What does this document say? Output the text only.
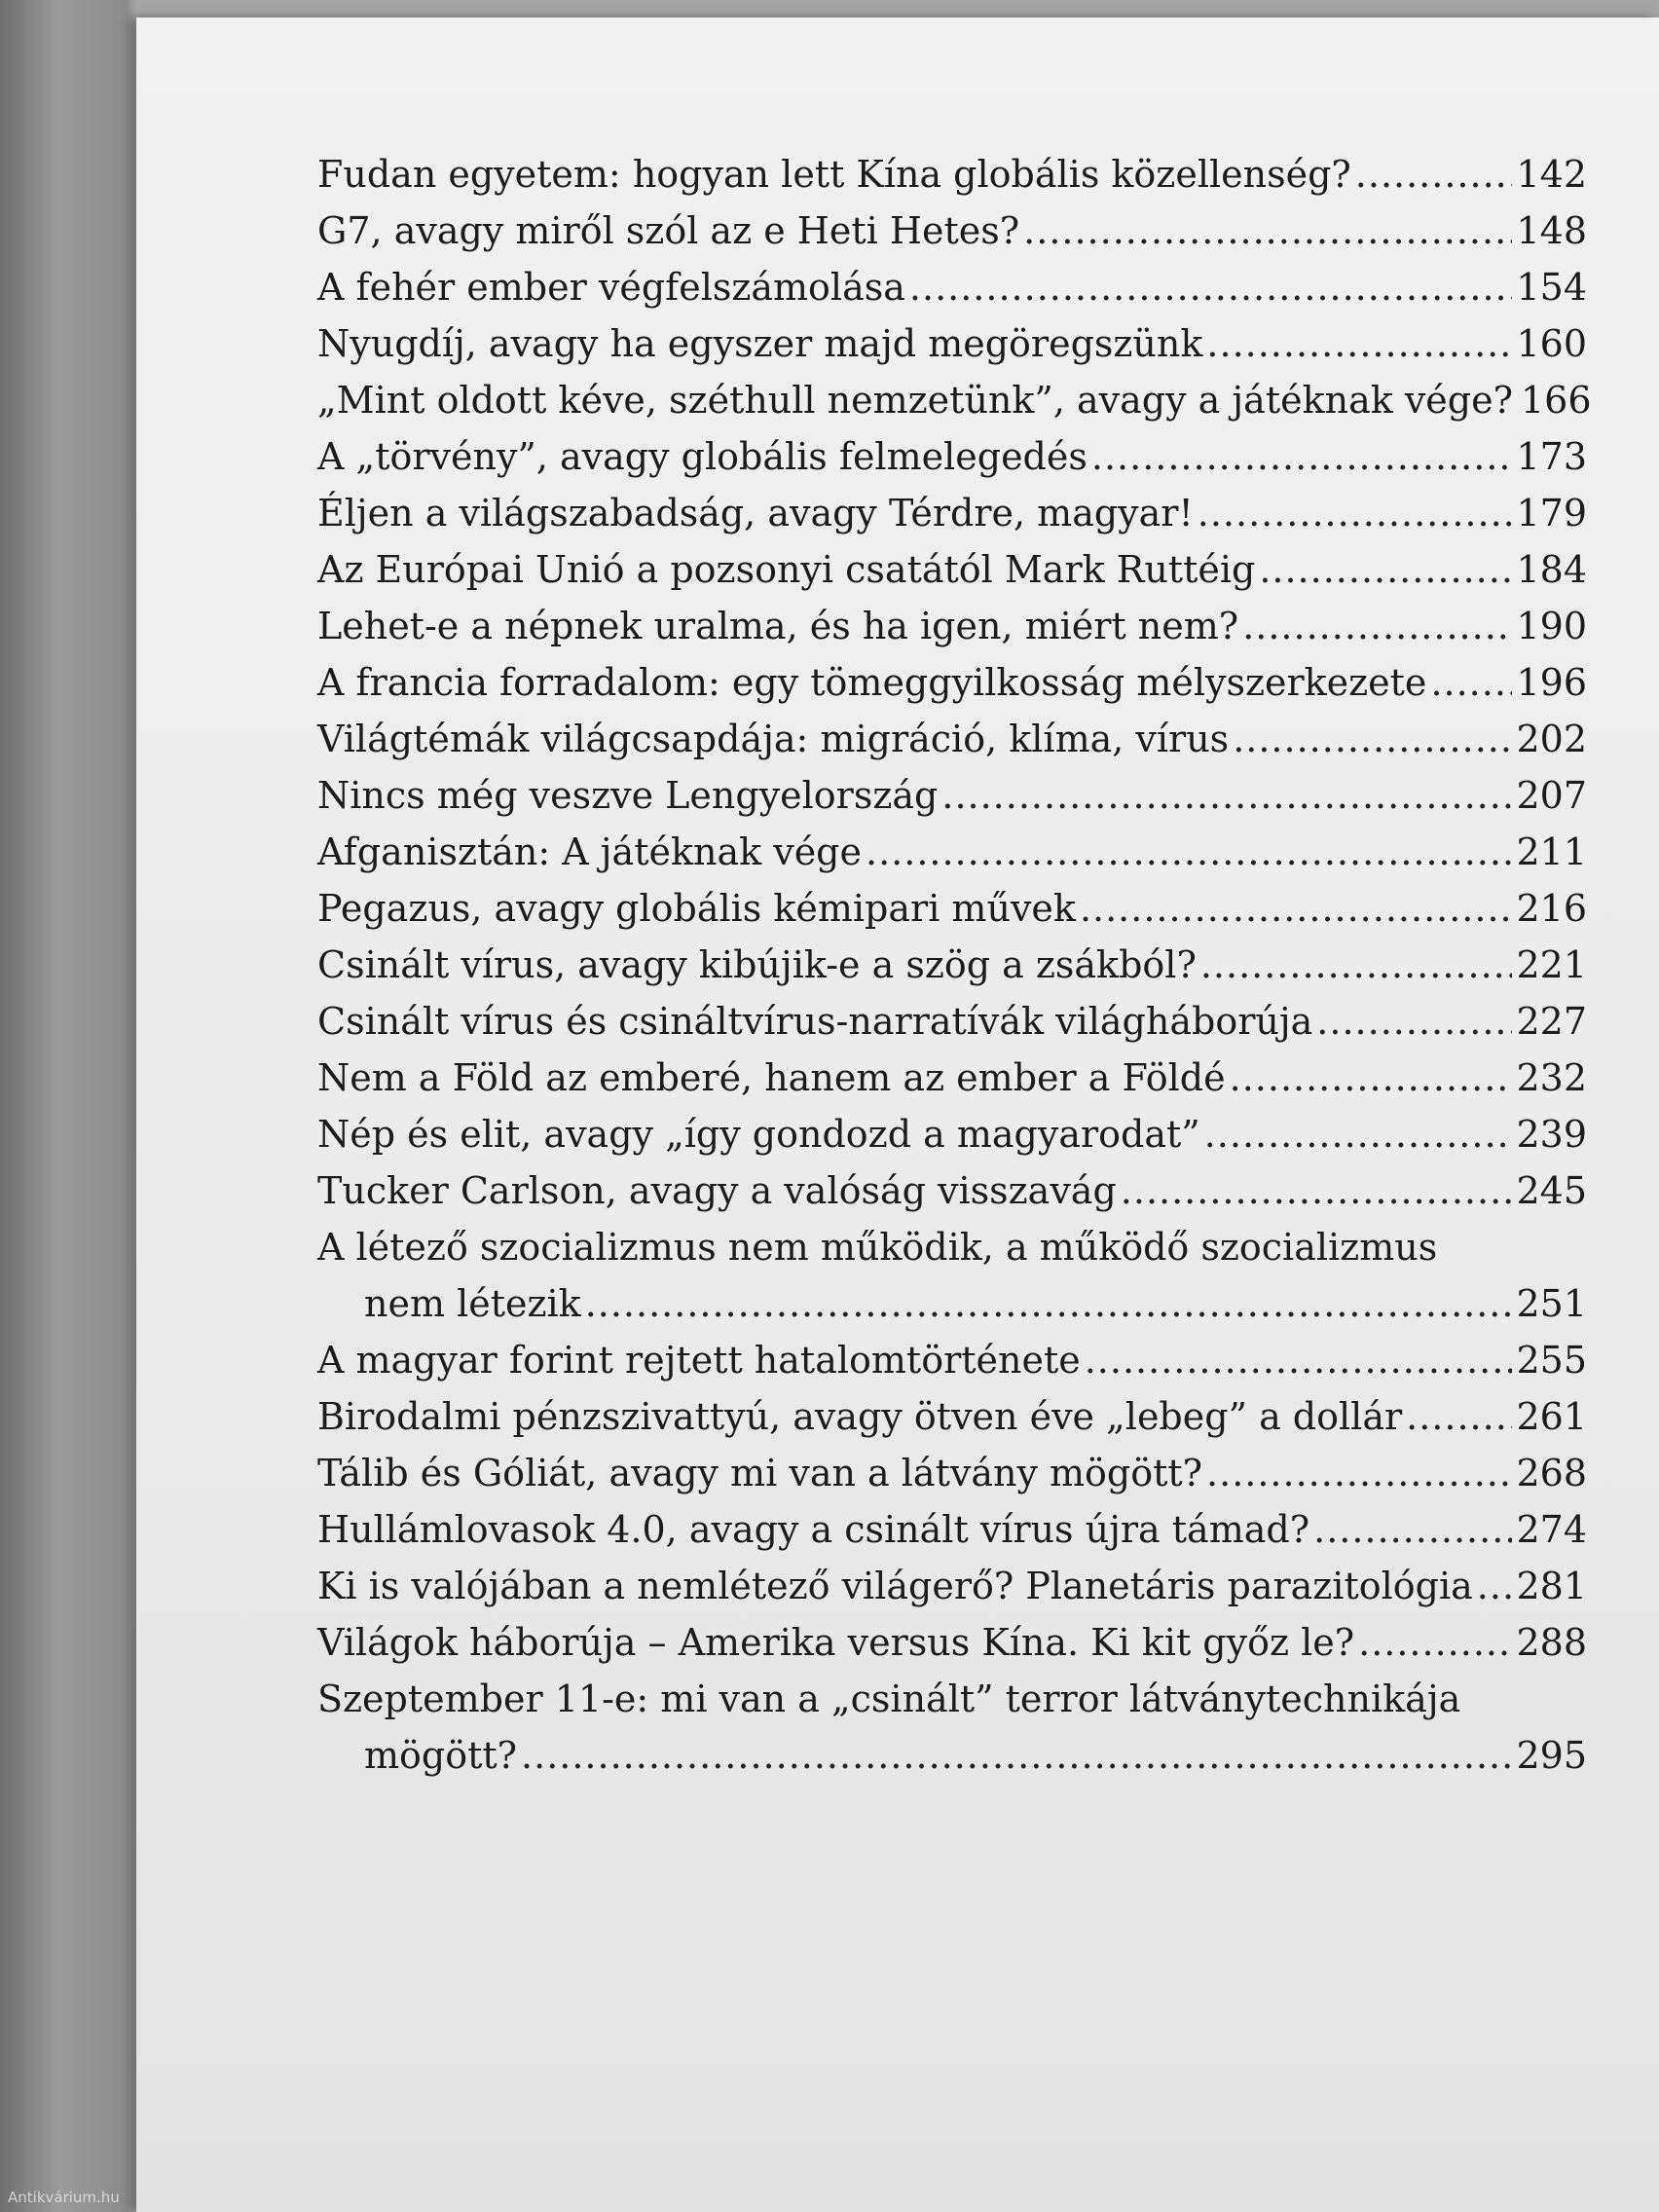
Fudan egyetem: hogyan lett Kína globális közellenség? .....	142
G7, avagy miről szól az e Heti Hetes? .....	148
A fehér ember végfelszámolása .....	154
Nyugdíj, avagy ha egyszer majd megöregszünk .....	160
„Mint oldott kéve, széthull nemzetünk”, avagy a játéknak vége? 166
A „törvény”, avagy globális felmelegedés .....	173
Éljen a világszabadság, avagy Térdre, magyar! .....	179
Az Európai Unió a pozsonyi csatától Mark Ruttéig .....	184
Lehet-e a népnek uralma, és ha igen, miért nem? .....	190
A francia forradalom: egy tömeggyilkosság mélyszerkezete ..... 196
Világtémák világcsapdája: migráció, klíma, vírus .....	202
Nincs még veszve Lengyelország .....	207
Afganisztán: A játéknak vége .....	211
Pegazus, avagy globális kémipari művek .....	216
Csinált vírus, avagy kibújik-e a szög a zsákból? .....	221
Csinált vírus és csináltvírus-narratívák világháborúja .....	227
Nem a Föld az emberé, hanem az ember a Földé .....	232
Nép és elit, avagy „így gondozd a magyarodat” .....	239
Tucker Carlson, avagy a valóság visszavág .....	245
A létező szocializmus nem működik, a működő szocializmus
nem létezik .....	251
A magyar forint rejtett hatalomtörténete .....	255
Birodalmi pénzszivattyú, avagy ötven éve „lebeg” a dollár .....	261
Tálib és Góliát, avagy mi van a látvány mögött? .....	268
Hullámlovasok 4.0, avagy a csinált vírus újra támad? .....	274
Ki is valójában a nemlétező világerő? Planetáris parazitológia ..... 281
Világok háborúja – Amerika versus Kína. Ki kit győz le? .....	288
Szeptember 11-e: mi van a „csinált” terror látványtechnikája
mögött? .....	295
Antikvárium.hu
